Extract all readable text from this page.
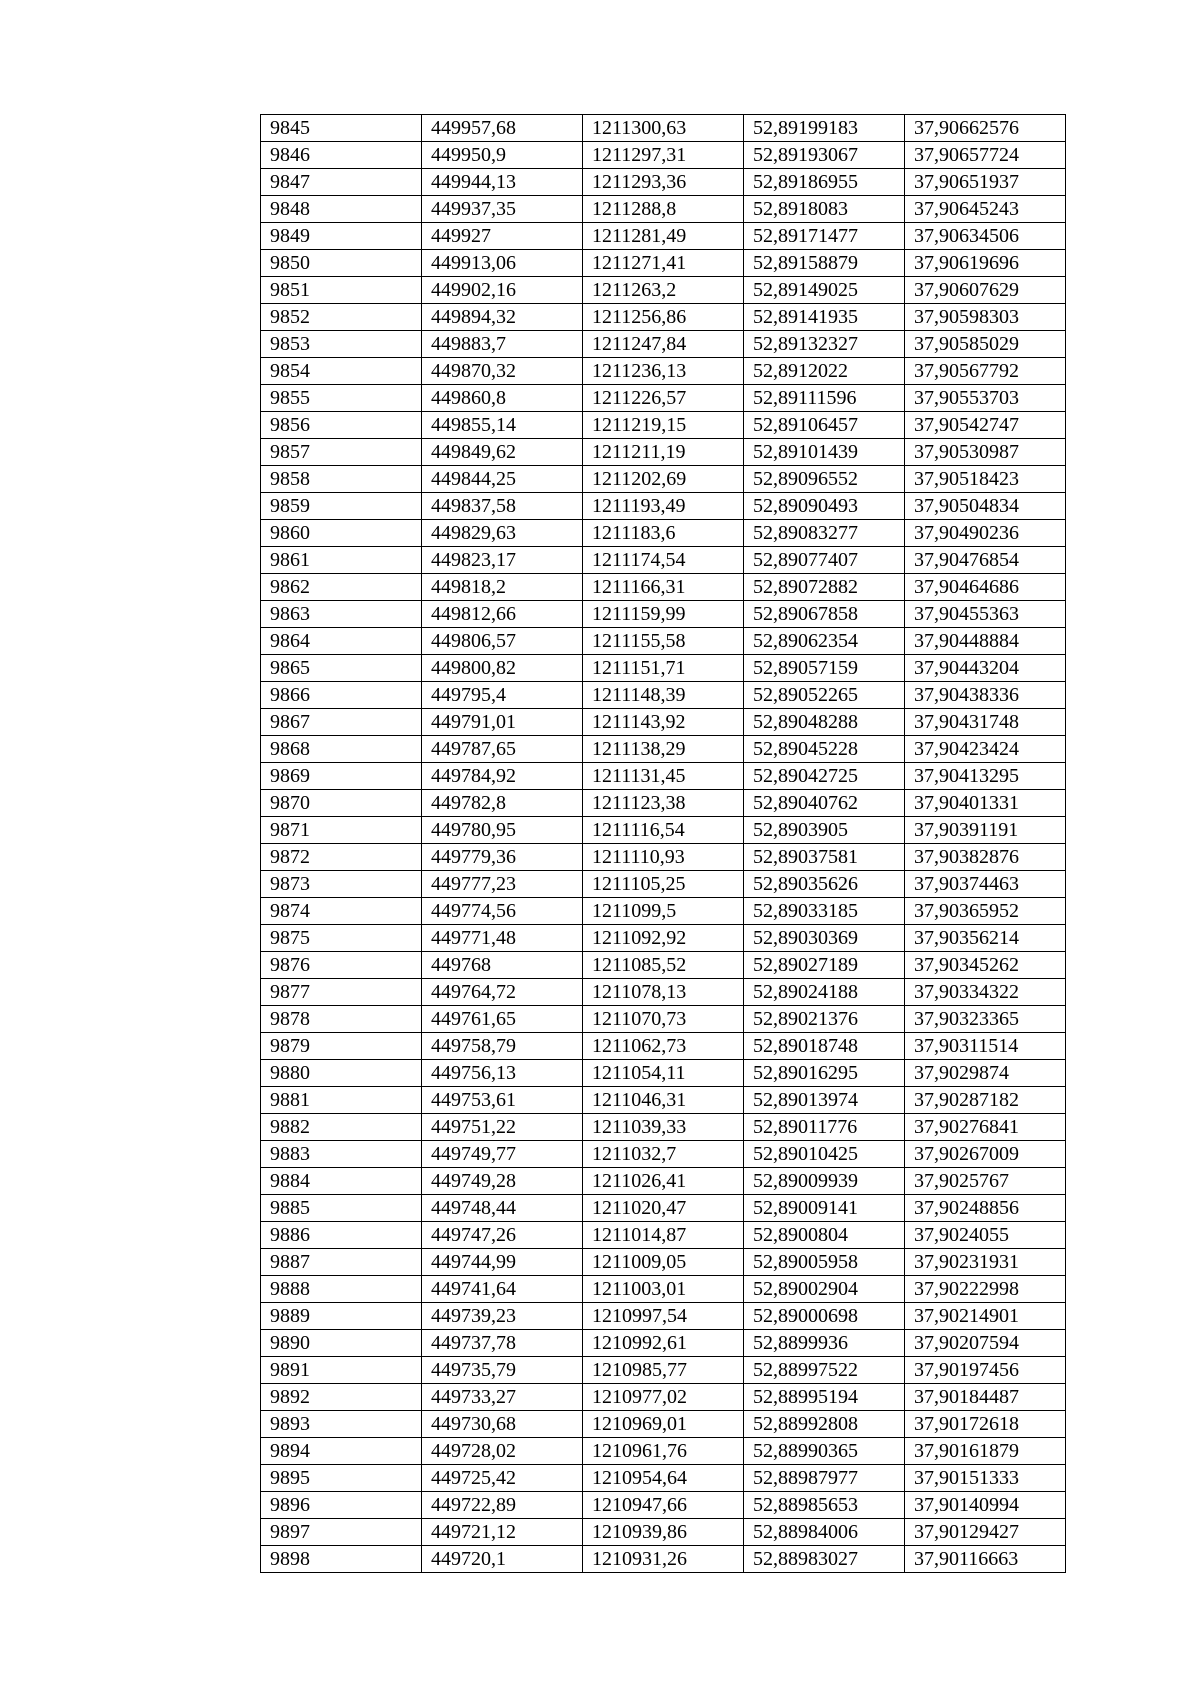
9845	449957,68	1211300,63	52,89199183	37,90662576
9846	449950,9	1211297,31	52,89193067	37,90657724
9847	449944,13	1211293,36	52,89186955	37,90651937
9848	449937,35	1211288,8	52,8918083	37,90645243
9849	449927	1211281,49	52,89171477	37,90634506
9850	449913,06	1211271,41	52,89158879	37,90619696
9851	449902,16	1211263,2	52,89149025	37,90607629
9852	449894,32	1211256,86	52,89141935	37,90598303
9853	449883,7	1211247,84	52,89132327	37,90585029
9854	449870,32	1211236,13	52,8912022	37,90567792
9855	449860,8	1211226,57	52,89111596	37,90553703
9856	449855,14	1211219,15	52,89106457	37,90542747
9857	449849,62	1211211,19	52,89101439	37,90530987
9858	449844,25	1211202,69	52,89096552	37,90518423
9859	449837,58	1211193,49	52,89090493	37,90504834
9860	449829,63	1211183,6	52,89083277	37,90490236
9861	449823,17	1211174,54	52,89077407	37,90476854
9862	449818,2	1211166,31	52,89072882	37,90464686
9863	449812,66	1211159,99	52,89067858	37,90455363
9864	449806,57	1211155,58	52,89062354	37,90448884
9865	449800,82	1211151,71	52,89057159	37,90443204
9866	449795,4	1211148,39	52,89052265	37,90438336
9867	449791,01	1211143,92	52,89048288	37,90431748
9868	449787,65	1211138,29	52,89045228	37,90423424
9869	449784,92	1211131,45	52,89042725	37,90413295
9870	449782,8	1211123,38	52,89040762	37,90401331
9871	449780,95	1211116,54	52,8903905	37,90391191
9872	449779,36	1211110,93	52,89037581	37,90382876
9873	449777,23	1211105,25	52,89035626	37,90374463
9874	449774,56	1211099,5	52,89033185	37,90365952
9875	449771,48	1211092,92	52,89030369	37,90356214
9876	449768	1211085,52	52,89027189	37,90345262
9877	449764,72	1211078,13	52,89024188	37,90334322
9878	449761,65	1211070,73	52,89021376	37,90323365
9879	449758,79	1211062,73	52,89018748	37,90311514
9880	449756,13	1211054,11	52,89016295	37,9029874
9881	449753,61	1211046,31	52,89013974	37,90287182
9882	449751,22	1211039,33	52,89011776	37,90276841
9883	449749,77	1211032,7	52,89010425	37,90267009
9884	449749,28	1211026,41	52,89009939	37,9025767
9885	449748,44	1211020,47	52,89009141	37,90248856
9886	449747,26	1211014,87	52,8900804	37,9024055
9887	449744,99	1211009,05	52,89005958	37,90231931
9888	449741,64	1211003,01	52,89002904	37,90222998
9889	449739,23	1210997,54	52,89000698	37,90214901
9890	449737,78	1210992,61	52,8899936	37,90207594
9891	449735,79	1210985,77	52,88997522	37,90197456
9892	449733,27	1210977,02	52,88995194	37,90184487
9893	449730,68	1210969,01	52,88992808	37,90172618
9894	449728,02	1210961,76	52,88990365	37,90161879
9895	449725,42	1210954,64	52,88987977	37,90151333
9896	449722,89	1210947,66	52,88985653	37,90140994
9897	449721,12	1210939,86	52,88984006	37,90129427
9898	449720,1	1210931,26	52,88983027	37,90116663
